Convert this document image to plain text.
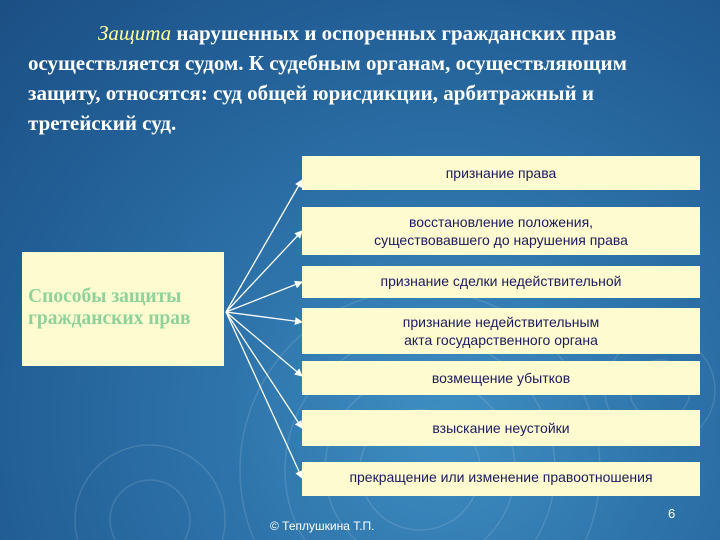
Защита нарушенных и оспоренных гражданских прав осуществляется судом. К судебным органам, осуществляющим защиту, относятся: суд общей юрисдикции, арбитражный и третейский суд.

Способы защиты
гражданских прав
признание права
восстановление положения,
существовавшего до нарушения права
признание сделки недействительной
признание недействительным
акта государственного органа
возмещение убытков
взыскание неустойки
прекращение или изменение правоотношения
© Теплушкина Т.П.
6
